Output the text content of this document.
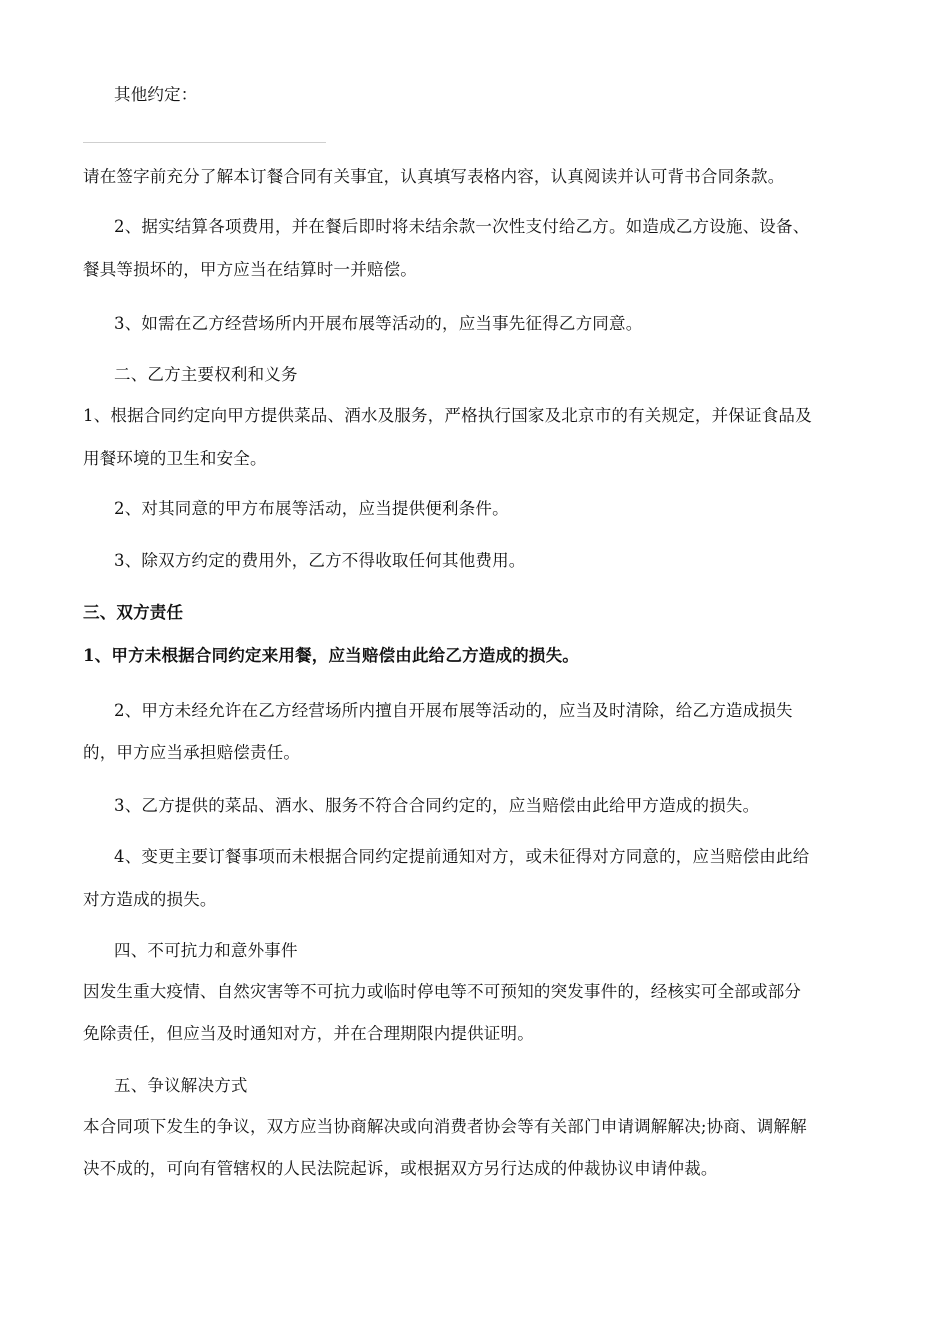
其他约定：
请在签字前充分了解本订餐合同有关事宜，认真填写表格内容，认真阅读并认可背书合同条款。
2、据实结算各项费用，并在餐后即时将未结余款一次性支付给乙方。如造成乙方设施、设备、
餐具等损坏的，甲方应当在结算时一并赔偿。
3、如需在乙方经营场所内开展布展等活动的，应当事先征得乙方同意。
二、乙方主要权利和义务
1、根据合同约定向甲方提供菜品、酒水及服务，严格执行国家及北京市的有关规定，并保证食品及
用餐环境的卫生和安全。
2、对其同意的甲方布展等活动，应当提供便利条件。
3、除双方约定的费用外，乙方不得收取任何其他费用。
三、双方责任
1、甲方未根据合同约定来用餐，应当赔偿由此给乙方造成的损失。
2、甲方未经允许在乙方经营场所内擅自开展布展等活动的，应当及时清除，给乙方造成损失
的，甲方应当承担赔偿责任。
3、乙方提供的菜品、酒水、服务不符合合同约定的，应当赔偿由此给甲方造成的损失。
4、变更主要订餐事项而未根据合同约定提前通知对方，或未征得对方同意的，应当赔偿由此给
对方造成的损失。
四、不可抗力和意外事件
因发生重大疫情、自然灾害等不可抗力或临时停电等不可预知的突发事件的，经核实可全部或部分
免除责任，但应当及时通知对方，并在合理期限内提供证明。
五、争议解决方式
本合同项下发生的争议，双方应当协商解决或向消费者协会等有关部门申请调解解决;协商、调解解
决不成的，可向有管辖权的人民法院起诉，或根据双方另行达成的仲裁协议申请仲裁。
